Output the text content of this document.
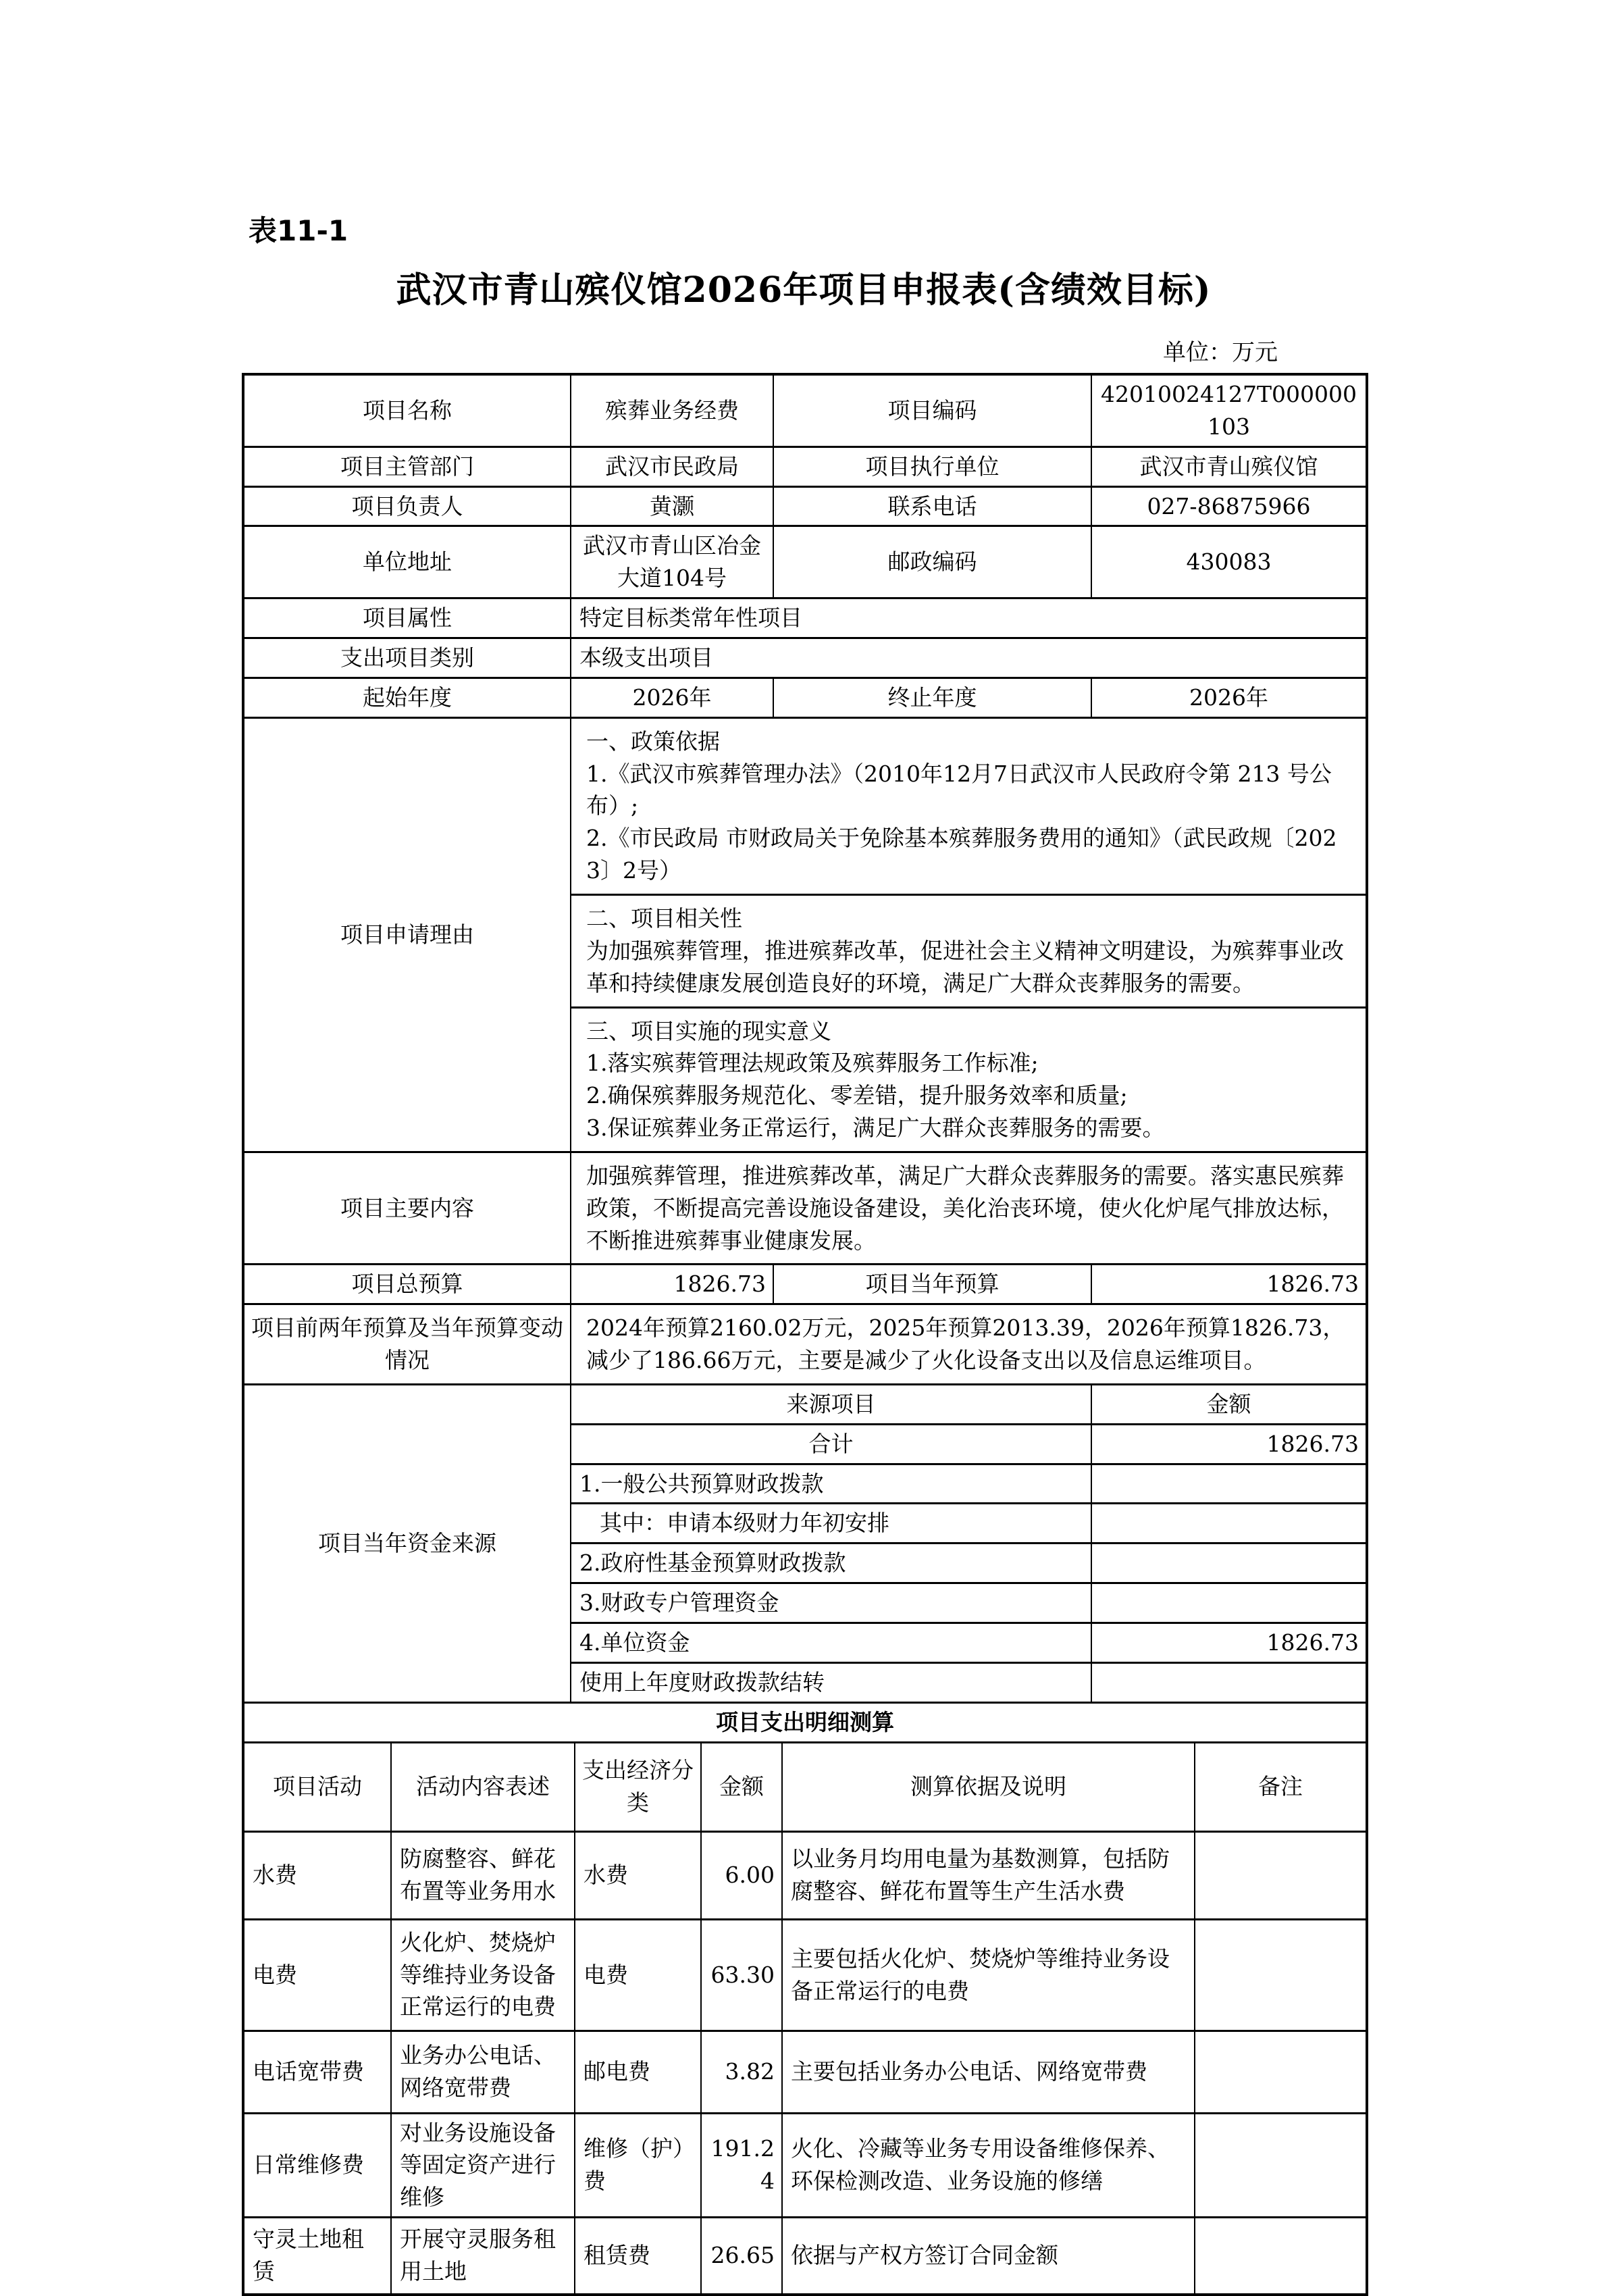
表11-1
武汉市青山殡仪馆2026年项目申报表(含绩效目标)
单位：万元
项目名称	殡葬业务经费	项目编码	42010024127T000000103
项目主管部门	武汉市民政局	项目执行单位	武汉市青山殡仪馆
项目负责人	黄灏	联系电话	027-86875966
单位地址	武汉市青山区冶金大道104号	邮政编码	430083
项目属性	特定目标类常年性项目		
支出项目类别	本级支出项目		
起始年度	2026年	终止年度	2026年
项目申请理由	
一、政策依据
1.《武汉市殡葬管理办法》（2010年12月7日武汉市人民政府令第 213 号公布）;
2.《市民政局 市财政局关于免除基本殡葬服务费用的通知》（武民政规〔2023〕2号）

二、项目相关性
为加强殡葬管理，推进殡葬改革，促进社会主义精神文明建设，为殡葬事业改革和持续健康发展创造良好的环境，满足广大群众丧葬服务的需要。

三、项目实施的现实意义
1.落实殡葬管理法规政策及殡葬服务工作标准;
2.确保殡葬服务规范化、零差错，提升服务效率和质量;
3.保证殡葬业务正常运行，满足广大群众丧葬服务的需要。
项目主要内容	加强殡葬管理，推进殡葬改革，满足广大群众丧葬服务的需要。落实惠民殡葬政策，不断提高完善设施设备建设，美化治丧环境，使火化炉尾气排放达标，不断推进殡葬事业健康发展。
项目总预算	1826.73	项目当年预算	1826.73
项目前两年预算及当年预算变动情况	2024年预算2160.02万元，2025年预算2013.39，2026年预算1826.73，减少了186.66万元，主要是减少了火化设备支出以及信息运维项目。
项目当年资金来源	来源项目	金额
	合计	1826.73
	1.一般公共预算财政拨款	
	其中：申请本级财力年初安排	
	2.政府性基金预算财政拨款	
	3.财政专户管理资金	
	4.单位资金	1826.73
	使用上年度财政拨款结转	
项目支出明细测算					
项目活动	活动内容表述	支出经济分类	金额	测算依据及说明	备注
水费	防腐整容、鲜花布置等业务用水	水费	6.00	以业务月均用电量为基数测算，包括防腐整容、鲜花布置等生产生活水费	
电费	火化炉、焚烧炉等维持业务设备正常运行的电费	电费	63.30	主要包括火化炉、焚烧炉等维持业务设备正常运行的电费	
电话宽带费	业务办公电话、网络宽带费	邮电费	3.82	主要包括业务办公电话、网络宽带费	
日常维修费	对业务设施设备等固定资产进行维修	维修（护）费	191.24	火化、冷藏等业务专用设备维修保养、环保检测改造、业务设施的修缮	
守灵土地租赁	开展守灵服务租用土地	租赁费	26.65	依据与产权方签订合同金额	
